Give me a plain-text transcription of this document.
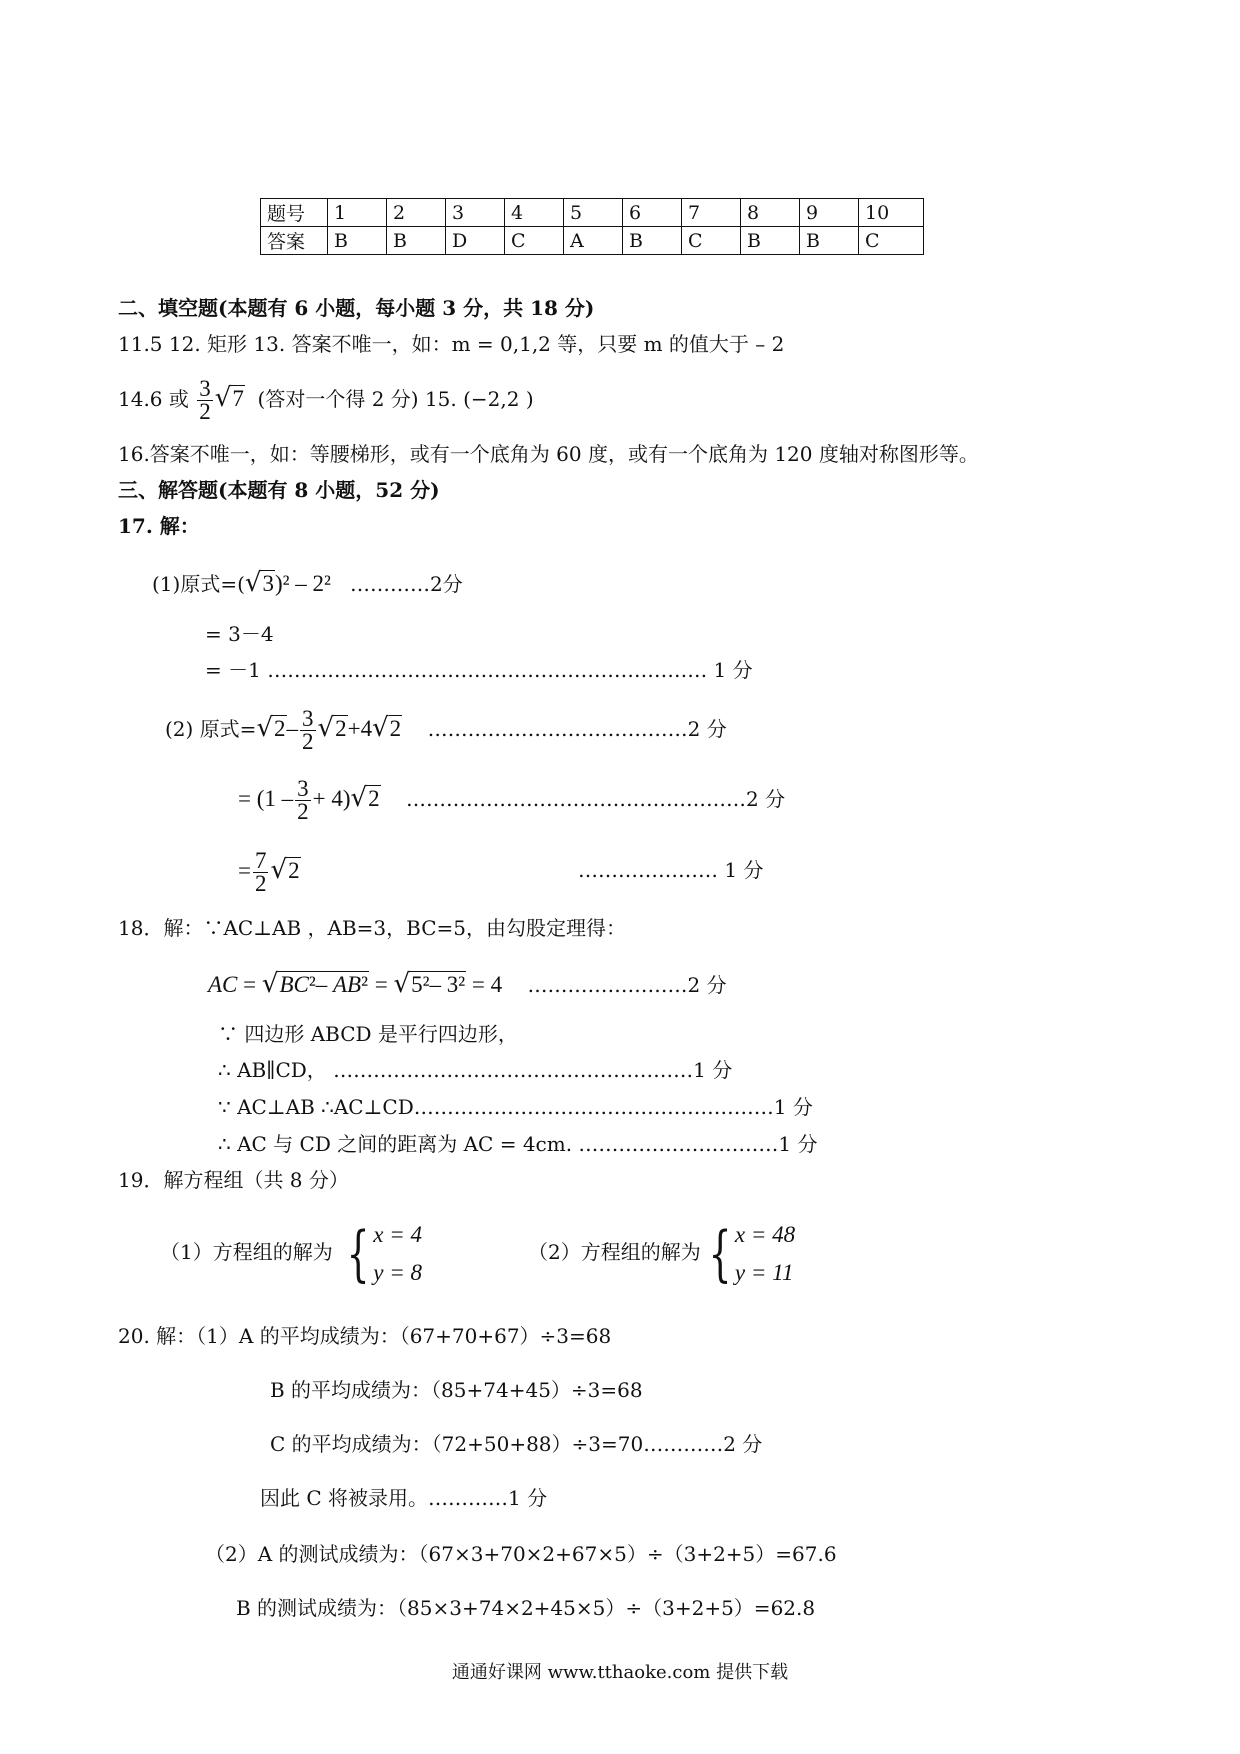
题号	1	2	3	4	5	6	7	8	9	10
答案	B	B	D	C	A	B	C	B	B	C
二、填空题(本题有 6 小题，每小题 3 分，共 18 分)
11.5 12. 矩形 13. 答案不唯一，如：m = 0,1,2 等，只要 m 的值大于 – 2
14.6 或 $\frac{3}{2} √7$ (答对一个得 2 分) 15. (−2,2 )
16.答案不唯一，如：等腰梯形，或有一个底角为 60 度，或有一个底角为 120 度轴对称图形等。
三、解答题(本题有 8 小题，52 分)
17. 解：
(1)原式=(√3)² – 2² …………2分
= 3－4
= －1 ………………………………………………………… 1 分
(2) 原式$=√2- \frac{3}{2} √2+4√2$ …………………………………2 分
= $(1 - \frac{3}{2} + 4)√2$ ……………………………………………2 分
= $\frac{7}{2} √2$	………………… 1 分
18．解：∵AC⊥AB ，AB=3，BC=5，由勾股定理得：
AC = √BC²– AB² = √5²– 3² = 4 ……………………2 分
∵ 四边形 ABCD 是平行四边形，
∴ AB∥CD， ………………………………………………1 分
∵ AC⊥AB ∴AC⊥CD………………………………………………1 分
∴ AC 与 CD 之间的距离为 AC = 4cm. …………………………1 分
19．解方程组（共 8 分）
（1）方程组的解为 { x = 4
y = 8
（2）方程组的解为 { x = 48
y = 11
20. 解：（1）A 的平均成绩为：（67+70+67）÷3=68
B 的平均成绩为：（85+74+45）÷3=68
C 的平均成绩为：（72+50+88）÷3=70…………2 分
因此 C 将被录用。…………1 分
（2）A 的测试成绩为：（67×3+70×2+67×5）÷（3+2+5）=67.6
B 的测试成绩为：（85×3+74×2+45×5）÷（3+2+5）=62.8
通通好课网 www.tthaoke.com 提供下载
